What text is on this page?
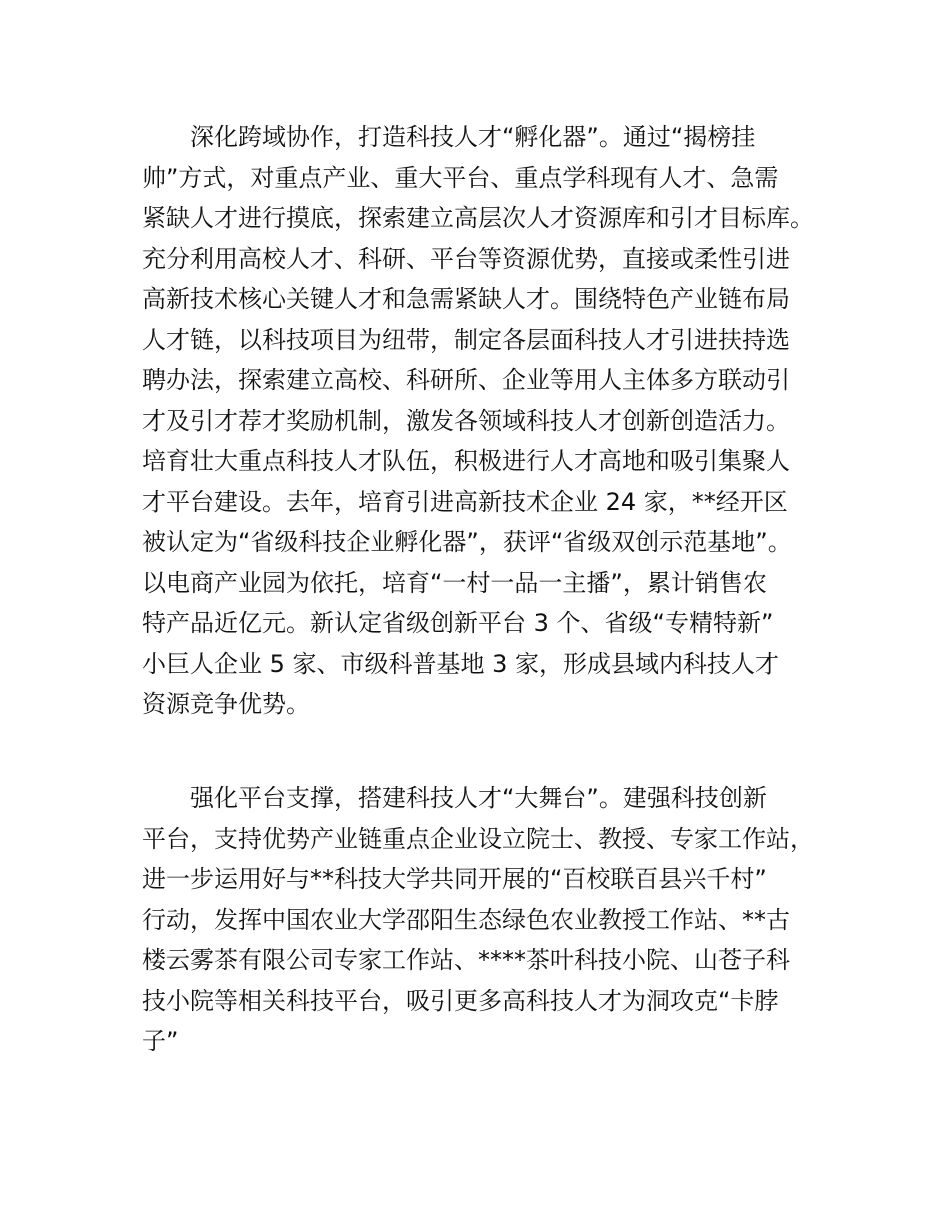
深化跨域协作，打造科技人才“孵化器”。通过“揭榜挂
帅”方式，对重点产业、重大平台、重点学科现有人才、急需
紧缺人才进行摸底，探索建立高层次人才资源库和引才目标库。
充分利用高校人才、科研、平台等资源优势，直接或柔性引进
高新技术核心关键人才和急需紧缺人才。围绕特色产业链布局
人才链，以科技项目为纽带，制定各层面科技人才引进扶持选
聘办法，探索建立高校、科研所、企业等用人主体多方联动引
才及引才荐才奖励机制，激发各领域科技人才创新创造活力。
培育壮大重点科技人才队伍，积极进行人才高地和吸引集聚人
才平台建设。去年，培育引进高新技术企业 24 家，**经开区
被认定为“省级科技企业孵化器”，获评“省级双创示范基地”。
以电商产业园为依托，培育“一村一品一主播”，累计销售农
特产品近亿元。新认定省级创新平台 3 个、省级“专精特新”
小巨人企业 5 家、市级科普基地 3 家，形成县域内科技人才
资源竞争优势。
强化平台支撑，搭建科技人才“大舞台”。建强科技创新
平台，支持优势产业链重点企业设立院士、教授、专家工作站，
进一步运用好与**科技大学共同开展的“百校联百县兴千村”
行动，发挥中国农业大学邵阳生态绿色农业教授工作站、**古
楼云雾茶有限公司专家工作站、****茶叶科技小院、山苍子科
技小院等相关科技平台，吸引更多高科技人才为洞攻克“卡脖
子”
